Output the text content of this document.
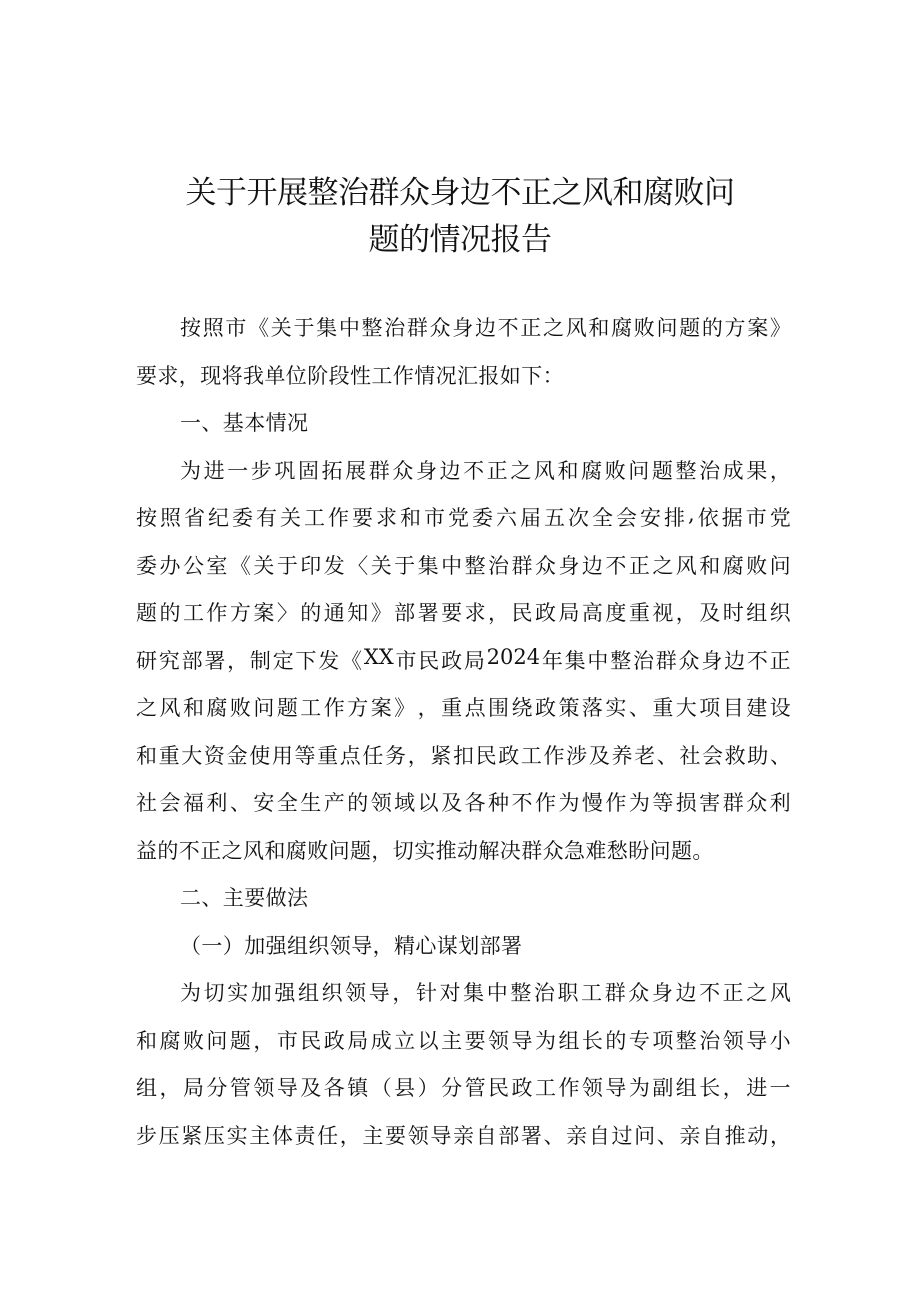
关于开展整治群众身边不正之风和腐败问
题的情况报告
按 照 市 《 关 于 集 中 整 治 群 众 身 边 不 正 之 风 和 腐 败 问 题 的 方 案 》
要求，现将我单位阶段性工作情况汇报如下：
一、基本情况
为 进 一 步 巩 固 拓 展 群 众 身 边 不 正 之 风 和 腐 败 问 题 整 治 成 果 ，
按 照 省 纪 委 有 关 工 作 要 求 和 市 党 委 六 届 五 次 全 会 安 排 , 依 据 市 党
委 办 公 室 《 关 于 印 发 〈 关 于 集 中 整 治 群 众 身 边 不 正 之 风 和 腐 败 问
题 的 工 作 方 案 〉 的 通 知 》 部 署 要 求 ， 民 政 局 高 度 重 视 ， 及 时 组 织
研 究 部 署 ， 制 定 下 发 《 XX 市 民 政 局 2024 年 集 中 整 治 群 众 身 边 不 正
之 风 和 腐 败 问 题 工 作 方 案 》 ， 重 点 围 绕 政 策 落 实 、 重 大 项 目 建 设
和 重 大 资 金 使 用 等 重 点 任 务 ， 紧 扣 民 政 工 作 涉 及 养 老 、 社 会 救 助 、
社 会 福 利 、 安 全 生 产 的 领 域 以 及 各 种 不 作 为 慢 作 为 等 损 害 群 众 利
益的不正之风和腐败问题，切实推动解决群众急难愁盼问题。
二、主要做法
（一）加强组织领导，精心谋划部署
为 切 实 加 强 组 织 领 导 ， 针 对 集 中 整 治 职 工 群 众 身 边 不 正 之 风
和 腐 败 问 题 ， 市 民 政 局 成 立 以 主 要 领 导 为 组 长 的 专 项 整 治 领 导 小
组 ， 局 分 管 领 导 及 各 镇 （ 县 ） 分 管 民 政 工 作 领 导 为 副 组 长 ， 进 一
步 压 紧 压 实 主 体 责 任 ， 主 要 领 导 亲 自 部 署 、 亲 自 过 问 、 亲 自 推 动 ，
